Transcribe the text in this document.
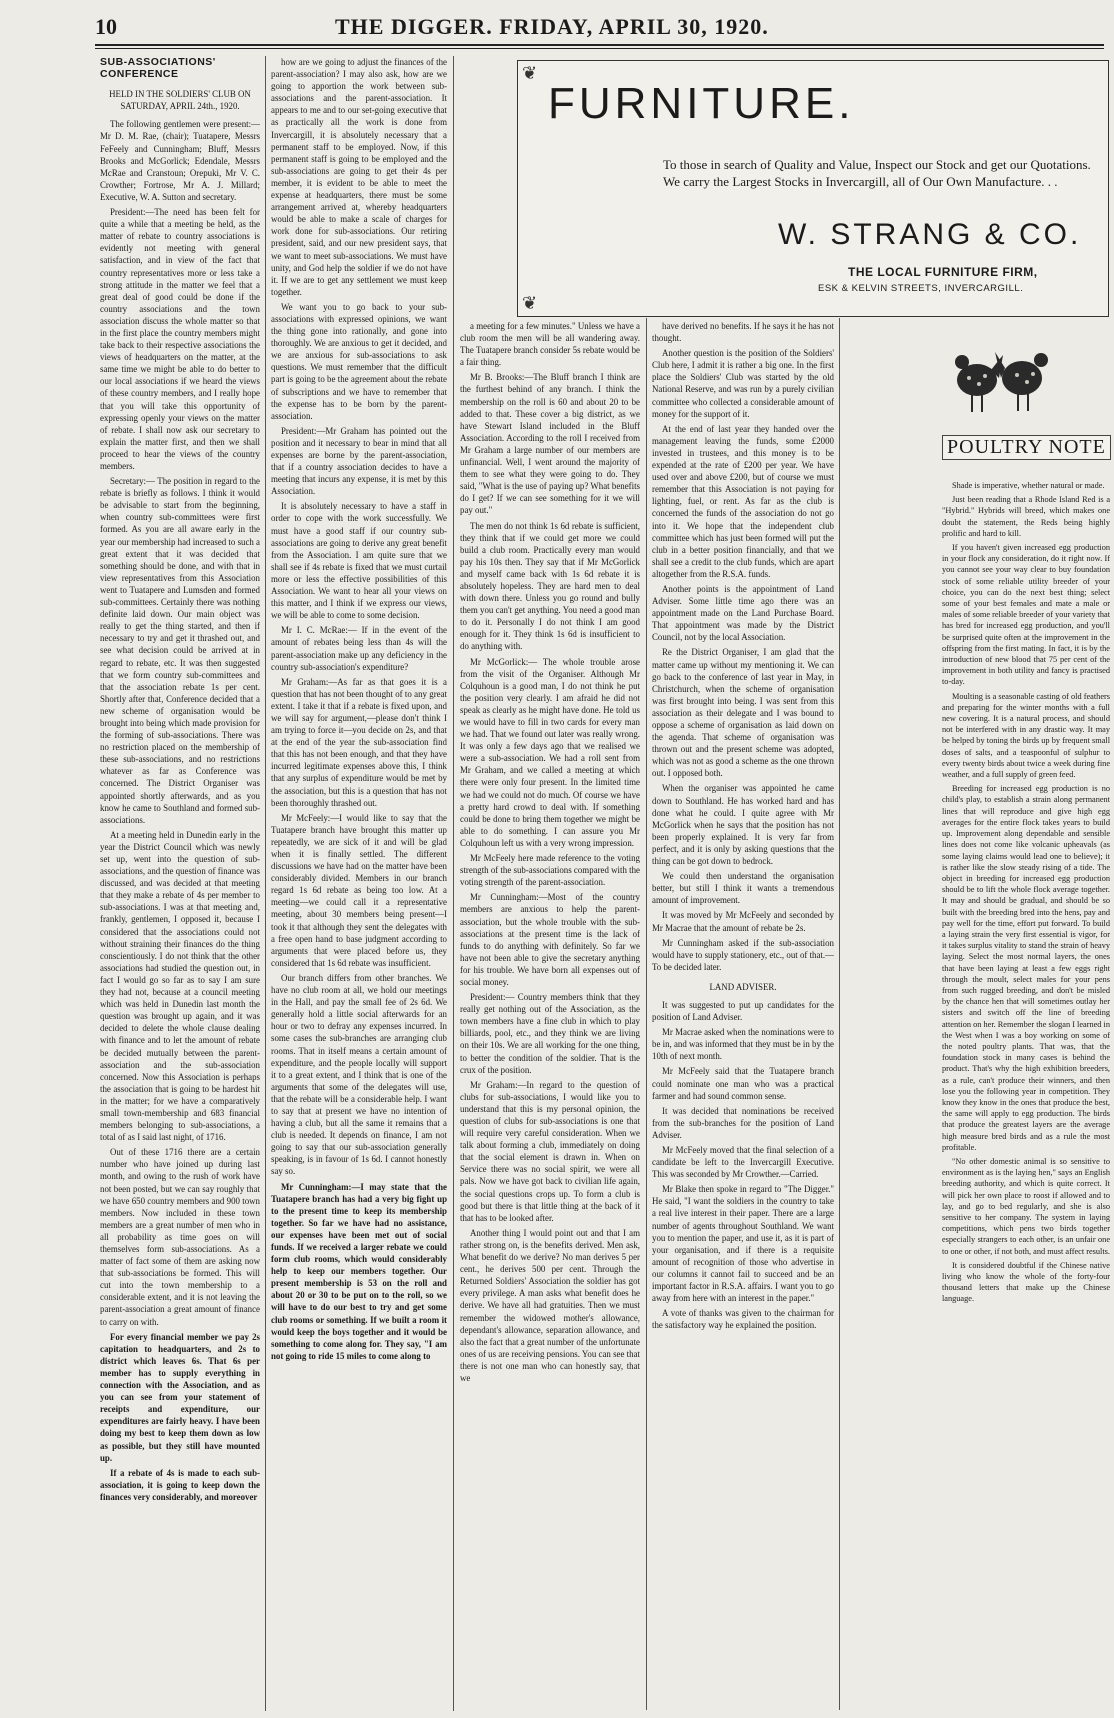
10	THE DIGGER. FRIDAY, APRIL 30, 1920.

SUB-ASSOCIATIONS' CONFERENCE

HELD IN THE SOLDIERS' CLUB ON SATURDAY, APRIL 24th., 1920.

The following gentlemen were present:—Mr D. M. Rae, (chair); Tuatapere, Messrs FeFeely and Cunningham; Bluff, Messrs Brooks and McGorlick; Edendale, Messrs McRae and Cranstoun; Orepuki, Mr V. C. Crowther; Fortrose, Mr A. J. Millard; Executive, W. A. Sutton and secretary.

President:—The need has been felt for quite a while that a meeting be held, as the matter of rebate to country associations is evidently not meeting with general satisfaction, and in view of the fact that country representatives more or less take a strong attitude in the matter we feel that a great deal of good could be done if the country associations and the town association discuss the whole matter so that in the first place the country members might take back to their respective associations the views of headquarters on the matter, at the same time we might be able to do better to our local associations if we heard the views of these country members, and I really hope that you will take this opportunity of expressing openly your views on the matter of rebate. I shall now ask our secretary to explain the matter first, and then we shall proceed to hear the views of the country members.

Secretary:— The position in regard to the rebate is briefly as follows. I think it would be advisable to start from the beginning, when country sub-committees were first formed. As you are all aware early in the year our membership had increased to such a great extent that it was decided that something should be done, and with that in view representatives from this Association went to Tuatapere and Lumsden and formed sub-committees. Certainly there was nothing definite laid down. Our main object was really to get the thing started, and then if necessary to try and get it thrashed out, and see what decision could be arrived at in regard to rebate, etc. It was then suggested that we form country sub-committees and that the association rebate 1s per cent. Shortly after that, Conference decided that a new scheme of organisation would be brought into being which made provision for the forming of sub-associations. There was no restriction placed on the membership of these sub-associations, and no restrictions whatever as far as Conference was concerned. The District Organiser was appointed shortly afterwards, and as you know he came to Southland and formed sub-associations.

At a meeting held in Dunedin early in the year the District Council which was newly set up, went into the question of sub-associations, and the question of finance was discussed, and was decided at that meeting that they make a rebate of 4s per member to sub-associations. I was at that meeting and, frankly, gentlemen, I opposed it, because I considered that the associations could not without straining their finances do the thing conscientiously. I do not think that the other associations had studied the question out, in fact I would go so far as to say I am sure they had not, because at a council meeting which was held in Dunedin last month the question was brought up again, and it was decided to delete the whole clause dealing with finance and to let the amount of rebate be decided mutually between the parent-association and the sub-association concerned. Now this Association is perhaps the association that is going to be hardest hit in the matter; for we have a comparatively small town-membership and 683 financial members belonging to sub-associations, a total of as I said last night, of 1716.

Out of these 1716 there are a certain number who have joined up during last month, and owing to the rush of work have not been posted, but we can say roughly that we have 650 country members and 900 town members. Now included in these town members are a great number of men who in all probability as time goes on will themselves form sub-associations. As a matter of fact some of them are asking now that sub-associations be formed. This will cut into the town membership to a considerable extent, and it is not leaving the parent-association a great amount of finance to carry on with.

For every financial member we pay 2s capitation to headquarters, and 2s to district which leaves 6s. That 6s per member has to supply everything in connection with the Association, and as you can see from your statement of receipts and expenditure, our expenditures are fairly heavy. I have been doing my best to keep them down as low as possible, but they still have mounted up.

If a rebate of 4s is made to each sub-association, it is going to keep down the finances very considerably, and moreover

how are we going to adjust the finances of the parent-association? I may also ask, how are we going to apportion the work between sub-associations and the parent-association. It appears to me and to our set-going executive that as practically all the work is done from Invercargill, it is absolutely necessary that a permanent staff to be employed. Now, if this permanent staff is going to be employed and the sub-associations are going to get their 4s per member, it is evident to be able to meet the expense at headquarters, there must be some arrangement arrived at, whereby headquarters would be able to make a scale of charges for work done for sub-associations. Our retiring president, said, and our new president says, that we want to meet sub-associations. We must have unity, and God help the soldier if we do not have it. If we are to get any settlement we must keep together.

We want you to go back to your sub-associations with expressed opinions, we want the thing gone into rationally, and gone into thoroughly. We are anxious to get it decided, and we are anxious for sub-associations to ask questions. We must remember that the difficult part is going to be the agreement about the rebate of subscriptions and we have to remember that the expense has to be born by the parent-association.

President:—Mr Graham has pointed out the position and it necessary to bear in mind that all expenses are borne by the parent-association, that if a country association decides to have a meeting that incurs any expense, it is met by this Association.

It is absolutely necessary to have a staff in order to cope with the work successfully. We must have a good staff if our country sub-associations are going to derive any great benefit from the Association. I am quite sure that we shall see if 4s rebate is fixed that we must curtail more or less the effective possibilities of this Association. We want to hear all your views on this matter, and I think if we express our views, we will be able to come to some decision.

Mr I. C. McRae:— If in the event of the amount of rebates being less than 4s will the parent-association make up any deficiency in the country sub-association's expenditure?

Mr Graham:—As far as that goes it is a question that has not been thought of to any great extent. I take it that if a rebate is fixed upon, and we will say for argument,—please don't think I am trying to force it—you decide on 2s, and that at the end of the year the sub-association find that this has not been enough, and that they have incurred legitimate expenses above this, I think that any surplus of expenditure would be met by the association, but this is a question that has not been thoroughly thrashed out.

Mr McFeely:—I would like to say that the Tuatapere branch have brought this matter up repeatedly, we are sick of it and will be glad when it is finally settled. The different discussions we have had on the matter have been considerably divided. Members in our branch regard 1s 6d rebate as being too low. At a meeting—we could call it a representative meeting, about 30 members being present—I took it that although they sent the delegates with a free open hand to base judgment according to arguments that were placed before us, they considered that 1s 6d rebate was insufficient.

Our branch differs from other branches. We have no club room at all, we hold our meetings in the Hall, and pay the small fee of 2s 6d. We generally hold a little social afterwards for an hour or two to defray any expenses incurred. In some cases the sub-branches are arranging club rooms. That in itself means a certain amount of expenditure, and the people locally will support it to a great extent, and I think that is one of the arguments that some of the delegates will use, that the rebate will be a considerable help. I want to say that at present we have no intention of having a club, but all the same it remains that a club is needed. It depends on finance, I am not going to say that our sub-association generally speaking, is in favour of 1s 6d. I cannot honestly say so.

Mr Cunningham:—I may state that the Tuatapere branch has had a very big fight up to the present time to keep its membership together. So far we have had no assistance, our expenses have been met out of social funds. If we received a larger rebate we could form club rooms, which would considerably help to keep our members together. Our present membership is 53 on the roll and about 20 or 30 to be put on to the roll, so we will have to do our best to try and get some club rooms or something. If we built a room it would keep the boys together and it would be something to come along for. They say, "I am not going to ride 15 miles to come along to

❦
❦
FURNITURE.
To those in search of Quality and Value, Inspect our Stock and get our Quotations. We carry the Largest Stocks in Invercargill, all of Our Own Manufacture. . .
W. STRANG & CO.
THE LOCAL FURNITURE FIRM,
ESK & KELVIN STREETS, INVERCARGILL.

a meeting for a few minutes." Unless we have a club room the men will be all wandering away. The Tuatapere branch consider 5s rebate would be a fair thing.

Mr B. Brooks:—The Bluff branch I think are the furthest behind of any branch. I think the membership on the roll is 60 and about 20 to be added to that. These cover a big district, as we have Stewart Island included in the Bluff Association. According to the roll I received from Mr Graham a large number of our members are unfinancial. Well, I went around the majority of them to see what they were going to do. They said, "What is the use of paying up? What benefits do I get? If we can see something for it we will pay out."

The men do not think 1s 6d rebate is sufficient, they think that if we could get more we could build a club room. Practically every man would pay his 10s then. They say that if Mr McGorlick and myself came back with 1s 6d rebate it is absolutely hopeless. They are hard men to deal with down there. Unless you go round and bully them you can't get anything. You need a good man to do it. Personally I do not think I am good enough for it. They think 1s 6d is insufficient to do anything with.

Mr McGorlick:— The whole trouble arose from the visit of the Organiser. Although Mr Colquhoun is a good man, I do not think he put the position very clearly. I am afraid he did not speak as clearly as he might have done. He told us we would have to fill in two cards for every man we had. That we found out later was really wrong. It was only a few days ago that we realised we were a sub-association. We had a roll sent from Mr Graham, and we called a meeting at which there were only four present. In the limited time we had we could not do much. Of course we have a pretty hard crowd to deal with. If something could be done to bring them together we might be able to do something. I can assure you Mr Colquhoun left us with a very wrong impression.

Mr McFeely here made reference to the voting strength of the sub-associations compared with the voting strength of the parent-association.

Mr Cunningham:—Most of the country members are anxious to help the parent-association, but the whole trouble with the sub-associations at the present time is the lack of funds to do anything with definitely. So far we have not been able to give the secretary anything for his trouble. We have born all expenses out of social money.

President:— Country members think that they really get nothing out of the Association, as the town members have a fine club in which to play billiards, pool, etc., and they think we are living on their 10s. We are all working for the one thing, to better the condition of the soldier. That is the crux of the position.

Mr Graham:—In regard to the question of clubs for sub-associations, I would like you to understand that this is my personal opinion, the question of clubs for sub-associations is one that will require very careful consideration. When we talk about forming a club, immediately on doing that the social element is drawn in. When on Service there was no social spirit, we were all pals. Now we have got back to civilian life again, the social questions crops up. To form a club is good but there is that little thing at the back of it that has to be looked after.

Another thing I would point out and that I am rather strong on, is the benefits derived. Men ask, What benefit do we derive? No man derives 5 per cent., he derives 500 per cent. Through the Returned Soldiers' Association the soldier has got every privilege. A man asks what benefit does he derive. We have all had gratuities. Then we must remember the widowed mother's allowance, dependant's allowance, separation allowance, and also the fact that a great number of the unfortunate ones of us are receiving pensions. You can see that there is not one man who can honestly say, that we

have derived no benefits. If he says it he has not thought.

Another question is the position of the Soldiers' Club here, I admit it is rather a big one. In the first place the Soldiers' Club was started by the old National Reserve, and was run by a purely civilian committee who collected a considerable amount of money for the support of it.

At the end of last year they handed over the management leaving the funds, some £2000 invested in trustees, and this money is to be expended at the rate of £200 per year. We have used over and above £200, but of course we must remember that this Association is not paying for lighting, fuel, or rent. As far as the club is concerned the funds of the association do not go into it. We hope that the independent club committee which has just been formed will put the club in a better position financially, and that we shall see a credit to the club funds, which are apart altogether from the R.S.A. funds.

Another points is the appointment of Land Adviser. Some little time ago there was an appointment made on the Land Purchase Board. That appointment was made by the District Council, not by the local Association.

Re the District Organiser, I am glad that the matter came up without my mentioning it. We can go back to the conference of last year in May, in Christchurch, when the scheme of organisation was first brought into being. I was sent from this association as their delegate and I was bound to oppose a scheme of organisation as laid down on the agenda. That scheme of organisation was thrown out and the present scheme was adopted, which was not as good a scheme as the one thrown out. I opposed both.

When the organiser was appointed he came down to Southland. He has worked hard and has done what he could. I quite agree with Mr McGorlick when he says that the position has not been properly explained. It is very far from perfect, and it is only by asking questions that the thing can be got down to bedrock.

We could then understand the organisation better, but still I think it wants a tremendous amount of improvement.

It was moved by Mr McFeely and seconded by Mr Macrae that the amount of rebate be 2s.

Mr Cunningham asked if the sub-association would have to supply stationery, etc., out of that.—To be decided later.

LAND ADVISER.

It was suggested to put up candidates for the position of Land Adviser.

Mr Macrae asked when the nominations were to be in, and was informed that they must be in by the 10th of next month.

Mr McFeely said that the Tuatapere branch could nominate one man who was a practical farmer and had sound common sense.

It was decided that nominations be received from the sub-branches for the position of Land Adviser.

Mr McFeely moved that the final selection of a candidate be left to the Invercargill Executive. This was seconded by Mr Crowther.—Carried.

Mr Blake then spoke in regard to "The Digger." He said, "I want the soldiers in the country to take a real live interest in their paper. There are a large number of agents throughout Southland. We want you to mention the paper, and use it, as it is part of your organisation, and if there is a requisite amount of recognition of those who advertise in our columns it cannot fail to succeed and be an important factor in R.S.A. affairs. I want you to go away from here with an interest in the paper."

A vote of thanks was given to the chairman for the satisfactory way he explained the position.

POULTRY NOTE

Shade is imperative, whether natural or made.

Just been reading that a Rhode Island Red is a "Hybrid." Hybrids will breed, which makes one doubt the statement, the Reds being highly prolific and hard to kill.

If you haven't given increased egg production in your flock any consideration, do it right now. If you cannot see your way clear to buy foundation stock of some reliable utility breeder of your choice, you can do the next best thing; select some of your best females and mate a male or males of some reliable breeder of your variety that has bred for increased egg production, and you'll be surprised quite often at the improvement in the offspring from the first mating. In fact, it is by the introduction of new blood that 75 per cent of the improvement in both utility and fancy is practised to-day.

Moulting is a seasonable casting of old feathers and preparing for the winter months with a full new covering. It is a natural process, and should not be interfered with in any drastic way. It may be helped by toning the birds up by frequent small doses of salts, and a teaspoonful of sulphur to every twenty birds about twice a week during fine weather, and a full supply of green feed.

Breeding for increased egg production is no child's play, to establish a strain along permanent lines that will reproduce and give high egg averages for the entire flock takes years to build up. Improvement along dependable and sensible lines does not come like volcanic upheavals (as some laying claims would lead one to believe); it is rather like the slow steady rising of a tide. The object in breeding for increased egg production should be to lift the whole flock average together. It may and should be gradual, and should be so built with the breeding bred into the hens, pay and pay well for the time, effort put forward. To build a laying strain the very first essential is vigor, for it takes surplus vitality to stand the strain of heavy laying. Select the most normal layers, the ones that have been laying at least a few eggs right through the moult, select males for your pens from such rugged breeding, and don't be misled by the chance hen that will sometimes outlay her sisters and switch off the line of breeding attention on her. Remember the slogan I learned in the West when I was a boy working on some of the noted poultry plants. That was, that the foundation stock in many cases is behind the product. That's why the high exhibition breeders, as a rule, can't produce their winners, and then lose you the following year in competition. They know they know in the ones that produce the best, the same will apply to egg production. The birds that produce the greatest layers are the average high measure bred birds and as a rule the most profitable.

"No other domestic animal is so sensitive to environment as is the laying hen," says an English breeding authority, and which is quite correct. It will pick her own place to roost if allowed and to lay, and go to bed regularly, and she is also sensitive to her company. The system in laying competitions, which pens two birds together especially strangers to each other, is an unfair one to one or other, if not both, and must affect results.

It is considered doubtful if the Chinese native living who know the whole of the forty-four thousand letters that make up the Chinese language.
